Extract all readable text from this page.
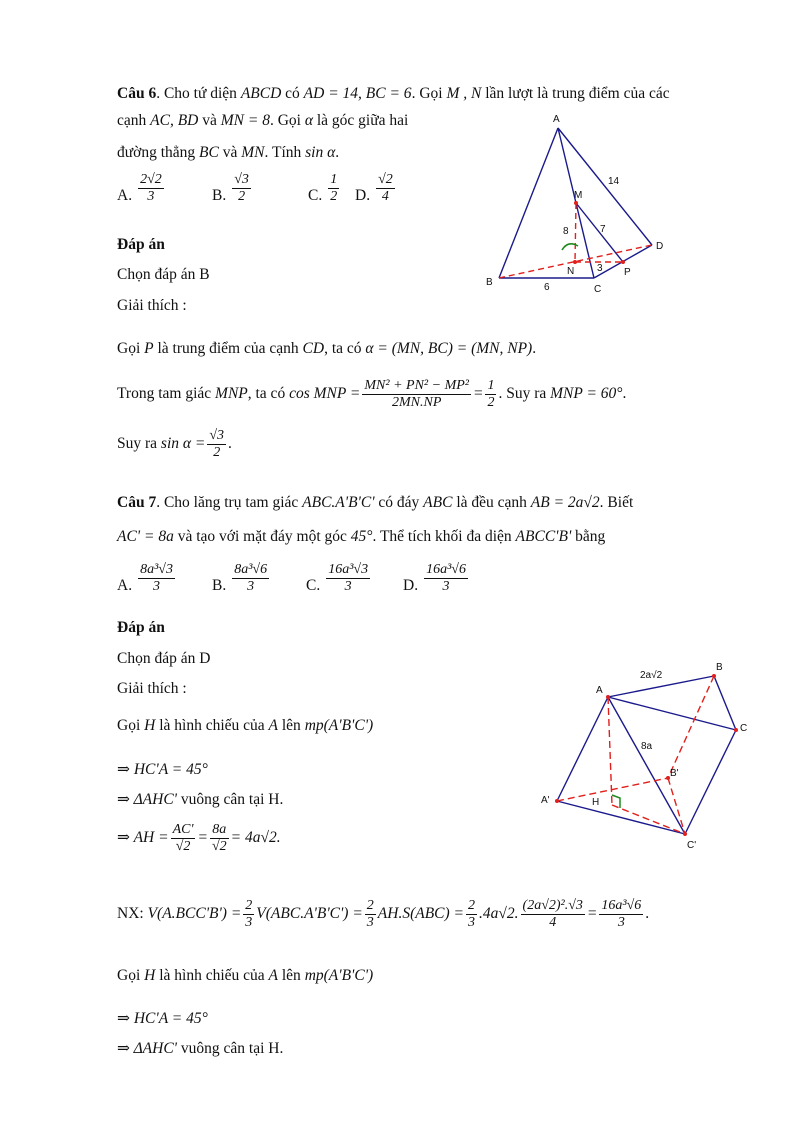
Câu 6. Cho tứ diện ABCD có AD = 14, BC = 6. Gọi M , N lần lượt là trung điểm của các
cạnh AC, BD và MN = 8. Gọi α là góc giữa hai
đường thẳng BC và MN. Tính sin α.
A. $\frac{2√2}{3}$	B. $\frac{√3}{2}$	C. $\frac{1}{2} D$. $\frac{√2}{4}$
Đáp án
Chọn đáp án B
Giải thích :
Gọi P là trung điểm của cạnh CD, ta có α = (MN, BC) = (MN, NP).
Trong tam giác MNP, ta có cos MNP = $\frac{\text{MN² + PN² − MP²}}{2MN.NP} = \frac{1}{2}$ . Suy ra MNP = 60°.
Suy ra $\sin \alpha = \frac{√3}{2}$ .
A
B
C
D
M
N	P
14
8	7
3
6
Câu 7. Cho lăng trụ tam giác ABC.A'B'C' có đáy ABC là đều cạnh AB = 2a√2. Biết
AC' = 8a và tạo với mặt đáy một góc 45°. Thể tích khối đa diện ABCC'B' bằng
A. $\frac{\text{8a³√3}}{3} B$. $\frac{\text{8a³√6}}{3} C$. $\frac{\text{16a³√3}}{3} D$. $\frac{\text{16a³√6}}{3}$
Đáp án
Chọn đáp án D
Giải thích :
Gọi H là hình chiếu của A lên mp(A'B'C')
⇒ HC'A = 45°
⇒ ΔAHC' vuông cân tại H.
⇒ AH = $\frac{AC'}{√2} = \frac{8a}{√2} = 4a√2$.
NX: $V(A.BCC'B') = \frac{2}{3} V(ABC.A'B'C') = \frac{2}{3} AH.S(ABC) = \frac{2}{3} .4a√2$. $\frac{\text{(2a√2)².√3}}{4} = \frac{\text{16a³√6}}{3}$ .
Gọi H là hình chiếu của A lên mp(A'B'C')
⇒ HC'A = 45°
⇒ ΔAHC' vuông cân tại H.
A
B
C
A'
B'
C'
H
2a√2
8a
